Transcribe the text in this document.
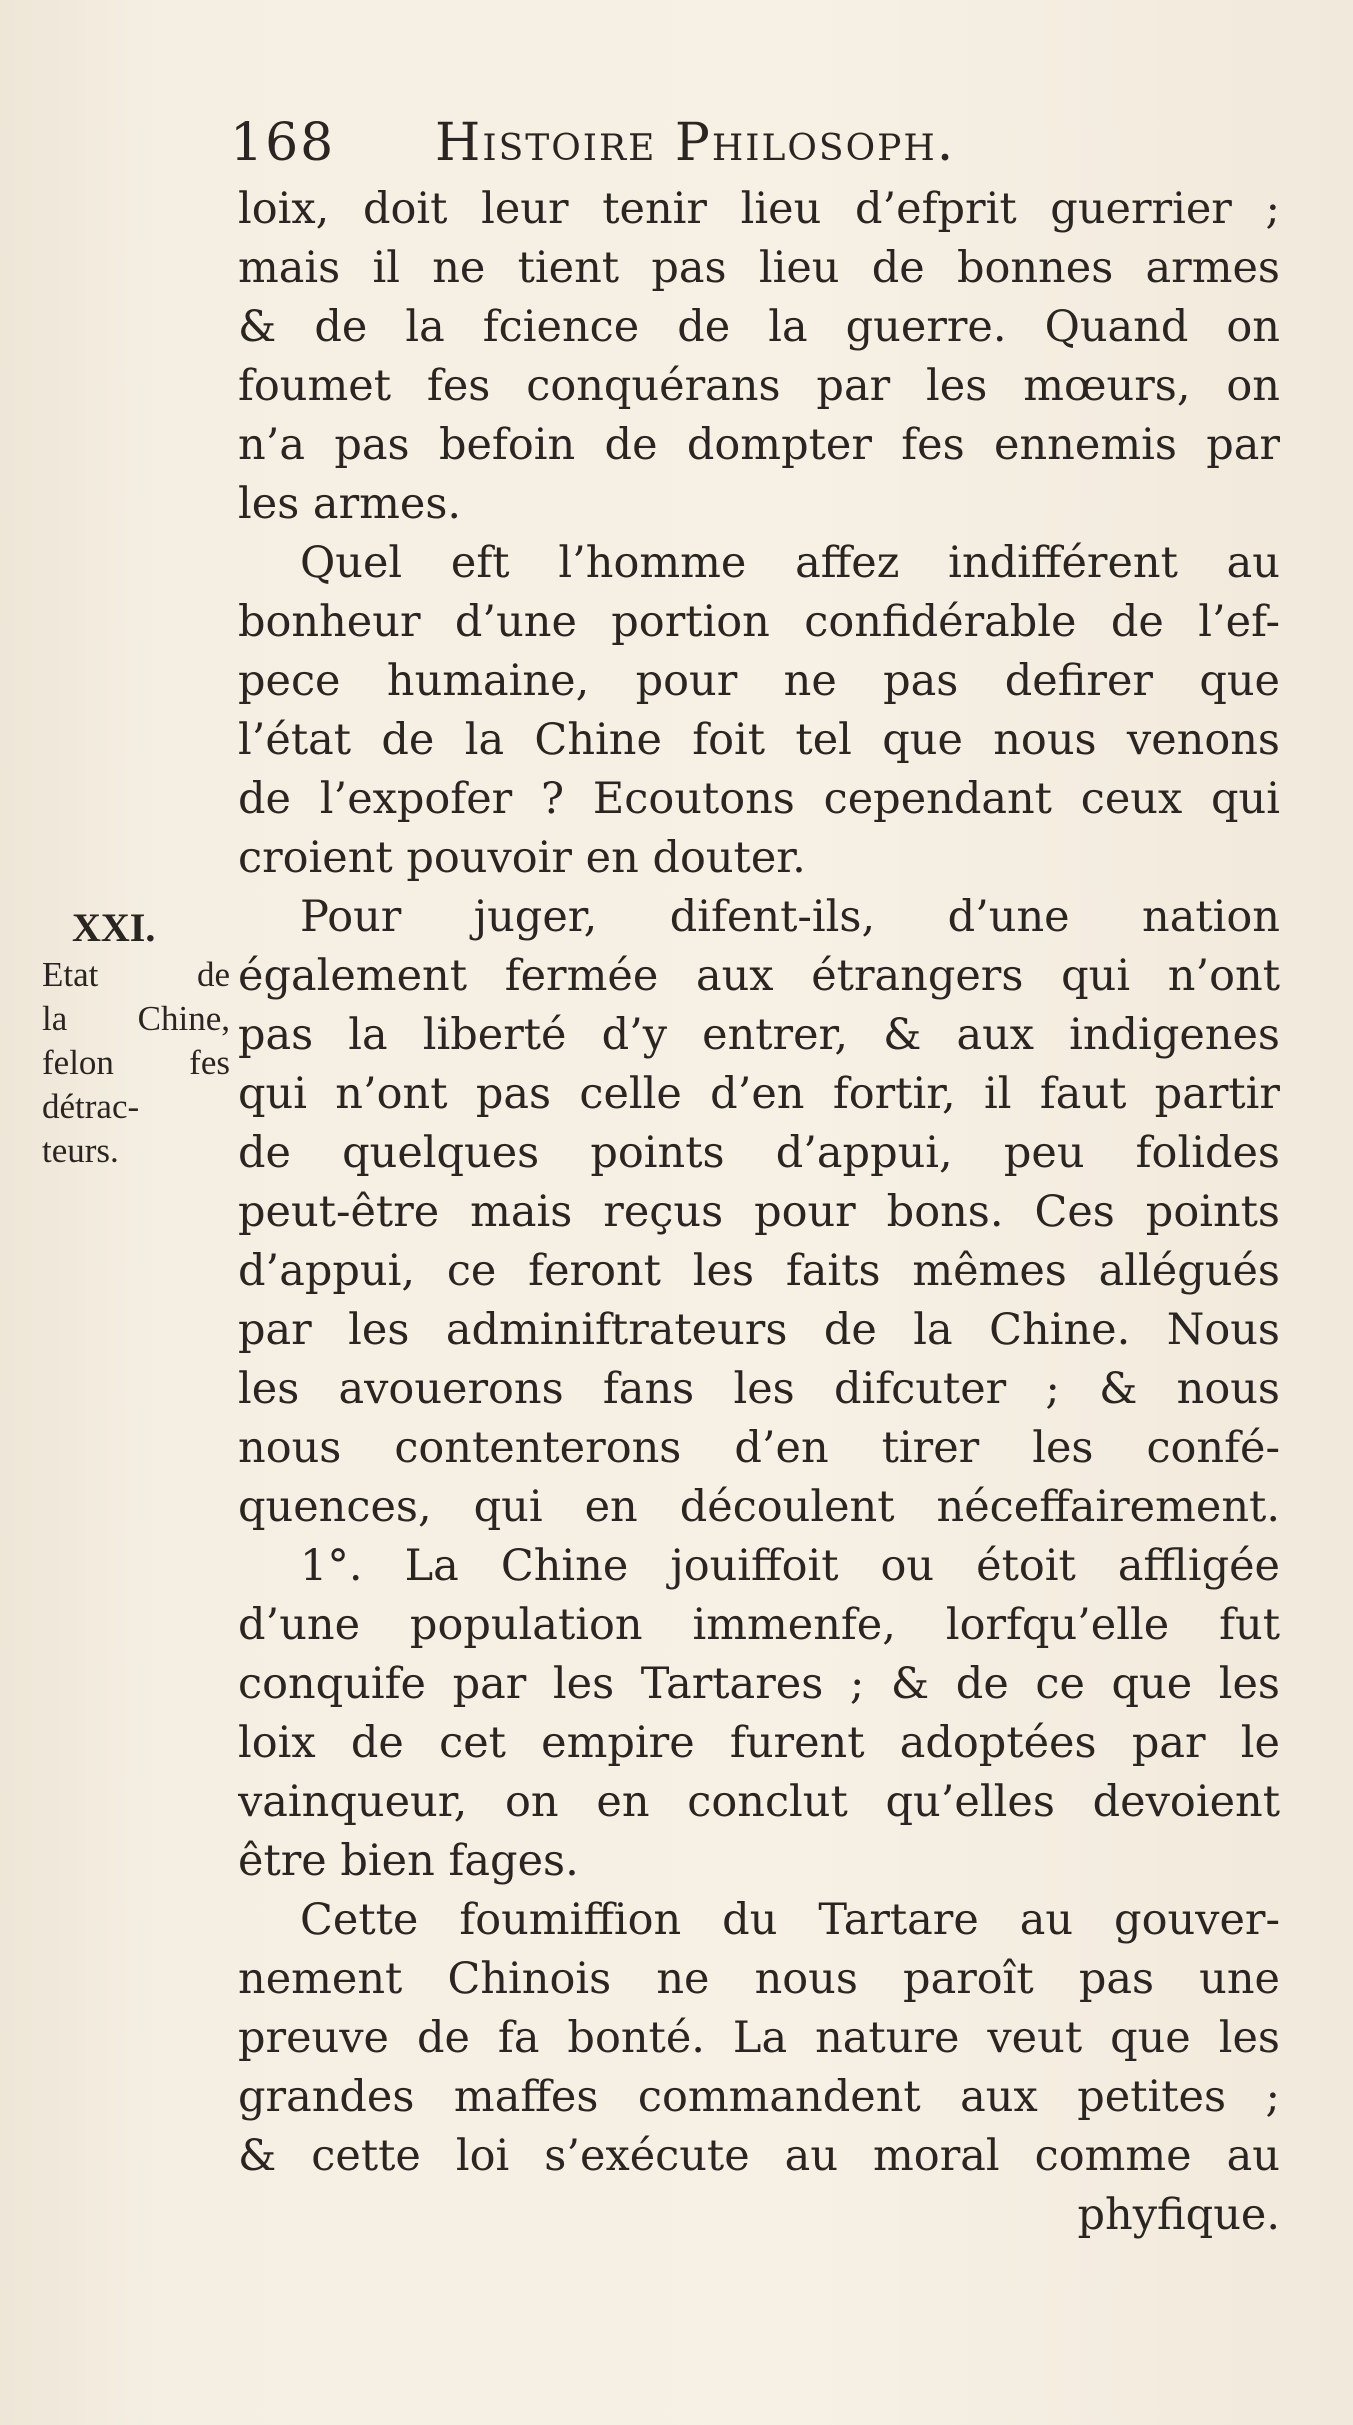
168 Histoire Philosoph.
XXI.
Etat de
la Chine,
felon fes
détrac-
teurs.
loix, doit leur tenir lieu d’efprit guerrier ;
mais il ne tient pas lieu de bonnes armes
& de la fcience de la guerre. Quand on
foumet fes conquérans par les mœurs, on
n’a pas befoin de dompter fes ennemis par
les armes.
Quel eft l’homme affez indifférent au
bonheur d’une portion confidérable de l’ef-
pece humaine, pour ne pas defirer que
l’état de la Chine foit tel que nous venons
de l’expofer ? Ecoutons cependant ceux qui
croient pouvoir en douter.
Pour juger, difent-ils, d’une nation
également fermée aux étrangers qui n’ont
pas la liberté d’y entrer, & aux indigenes
qui n’ont pas celle d’en fortir, il faut partir
de quelques points d’appui, peu folides
peut-être mais reçus pour bons. Ces points
d’appui, ce feront les faits mêmes allégués
par les adminiftrateurs de la Chine. Nous
les avouerons fans les difcuter ; & nous
nous contenterons d’en tirer les confé-
quences, qui en découlent néceffairement.
1°. La Chine jouiffoit ou étoit affligée
d’une population immenfe, lorfqu’elle fut
conquife par les Tartares ; & de ce que les
loix de cet empire furent adoptées par le
vainqueur, on en conclut qu’elles devoient
être bien fages.
Cette foumiffion du Tartare au gouver-
nement Chinois ne nous paroît pas une
preuve de fa bonté. La nature veut que les
grandes maffes commandent aux petites ;
& cette loi s’exécute au moral comme au
phyfique.
